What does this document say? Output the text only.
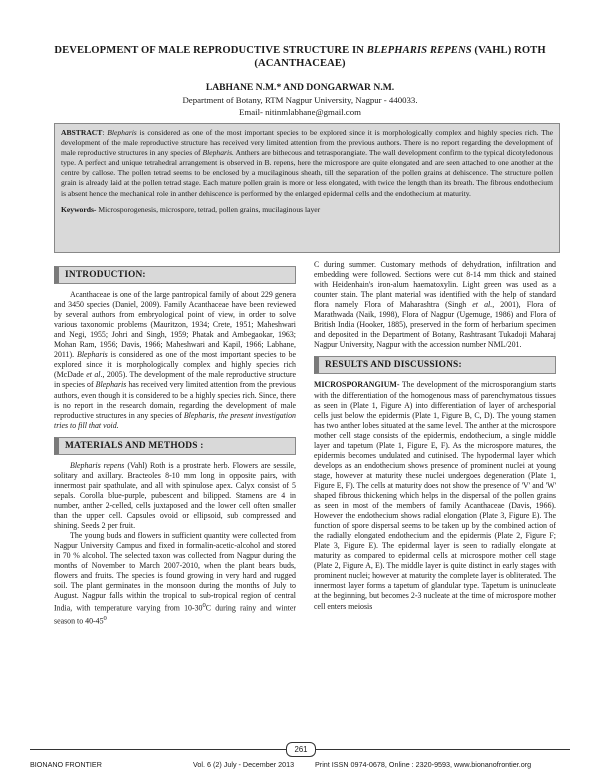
DEVELOPMENT OF MALE REPRODUCTIVE STRUCTURE IN BLEPHARIS REPENS (VAHL) ROTH
(ACANTHACEAE)
LABHANE N.M.* AND DONGARWAR N.M.
Department of Botany, RTM Nagpur University, Nagpur - 440033.
Email- nitinmlabhane@gmail.com
ABSTRACT: Blepharis is considered as one of the most important species to be explored since it is morphologically complex and highly species rich. The development of the male reproductive structure has received very limited attention from the previous authors. There is no report regarding the development of male reproductive structures in any species of Blepharis. Anthers are bithecous and tetrasporangiate. The wall development confirm to the typical dicotyledonous type. A perfect and unique tetrahedral arrangement is observed in B. repens, here the microspore are quite elongated and are seen attached to one another at the centre by callose. The pollen tetrad seems to be enclosed by a mucilaginous sheath, till the separation of the pollen grains at dehiscence. The structure pollen grain is already laid at the pollen tetrad stage. Each mature pollen grain is more or less elongated, with twice the length than its breath. The fibrous endothecium is absent hence the mechanical role in anther dehiscence is performed by the enlarged epidermal cells and the endothecium at maturity.
Keywords- Microsporogenesis, microspore, tetrad, pollen grains, mucilaginous layer
INTRODUCTION:

Acanthaceae is one of the large pantropical family of about 229 genera and 3450 species (Daniel, 2009). Family Acanthaceae have been reviewed by several authors from embryological point of view, in order to solve various taxonomic problems (Mauritzon, 1934; Crete, 1951; Maheshwari and Negi, 1955; Johri and Singh, 1959; Phatak and Ambegaokar, 1963; Mohan Ram, 1956; Davis, 1966; Maheshwari and Kapil, 1966; Labhane, 2011). Blepharis is considered as one of the most important species to be explored since it is morphologically complex and highly species rich (McDade et al., 2005). The development of the male reproductive structure in species of Blepharis has received very limited attention from the previous authors, even though it is considered to be a highly species rich. Since, there is no report in the research domain, regarding the development of male reproductive structures in any species of Blepharis, the present investigation tries to fill that void.

MATERIALS AND METHODS :

Blepharis repens (Vahl) Roth is a prostrate herb. Flowers are sessile, solitary and axillary. Bracteoles 8-10 mm long in opposite pairs, with innermost pair spathulate, and all with spinulose apex. Calyx consist of 5 sepals. Corolla blue-purple, pubescent and bilipped. Stamens are 4 in number, anther 2-celled, cells juxtaposed and the lower cell often smaller than the upper cell. Capsules ovoid or ellipsoid, sub compressed and shining. Seeds 2 per fruit.

The young buds and flowers in sufficient quantity were collected from Nagpur University Campus and fixed in formalin-acetic-alcohol and stored in 70 % alcohol. The selected taxon was collected from Nagpur during the months of November to March 2007-2010, when the plant bears buds, flowers and fruits. The species is found growing in very hard and rugged soil. The plant germinates in the monsoon during the months of July to August. Nagpur falls within the tropical to sub-tropical region of central India, with temperature varying from $10-30^0C$ during rainy and winter season to $40-45^0$

C during summer. Customary methods of dehydration, infiltration and embedding were followed. Sections were cut 8-14 mm thick and stained with Heidenhain's iron-alum haematoxylin. Light green was used as a counter stain. The plant material was identified with the help of standard flora namely Flora of Maharashtra (Singh et al., 2001), Flora of Marathwada (Naik, 1998), Flora of Nagpur (Ugemuge, 1986) and Flora of British India (Hooker, 1885), preserved in the form of herbarium specimen and deposited in the Department of Botany, Rashtrasant Tukadoji Maharaj Nagpur University, Nagpur with the accession number NML/201.

RESULTS AND DISCUSSIONS:

MICROSPORANGIUM- The development of the microsporangium starts with the differentiation of the homogenous mass of parenchymatous tissues as seen in (Plate 1, Figure A) into differentiation of layer of archesporial cells just below the epidermis (Plate 1, Figure B, C, D). The young stamen has two anther lobes situated at the same level. The anther at the microspore mother cell stage consists of the epidermis, endothecium, a single middle layer and tapetum (Plate 1, Figure E, F). As the microspore matures, the epidermis becomes undulated and cutinised. The hypodermal layer which develops as an endothecium shows presence of prominent nuclei at young stage, however at maturity these nuclei undergoes degeneration (Plate 1, Figure E, F). The cells at maturity does not show the presence of 'V' and 'W' shaped fibrous thickening which helps in the dispersal of the pollen grains as seen in most of the members of family Acanthaceae (Davis, 1966). However the endothecium shows radial elongation (Plate 3, Figure E). The function of spore dispersal seems to be taken up by the combined action of the radially elongated endothecium and the epidermis (Plate 2, Figure F; Plate 3, Figure E). The epidermal layer is seen to radially elongate at maturity as compared to epidermal cells at microspore mother cell stage (Plate 2, Figure A, E). The middle layer is quite distinct in early stages with prominent nuclei; however at maturity the complete layer is obliterated. The innermost layer forms a tapetum of glandular type. Tapetum is uninucleate at the beginning, but becomes 2-3 nucleate at the time of microspore mother cell enters meiosis

261
BIONANO FRONTIER	Vol. 6 (2) July - December 2013	Print ISSN 0974-0678, Online : 2320-9593, www.bionanofrontier.org
